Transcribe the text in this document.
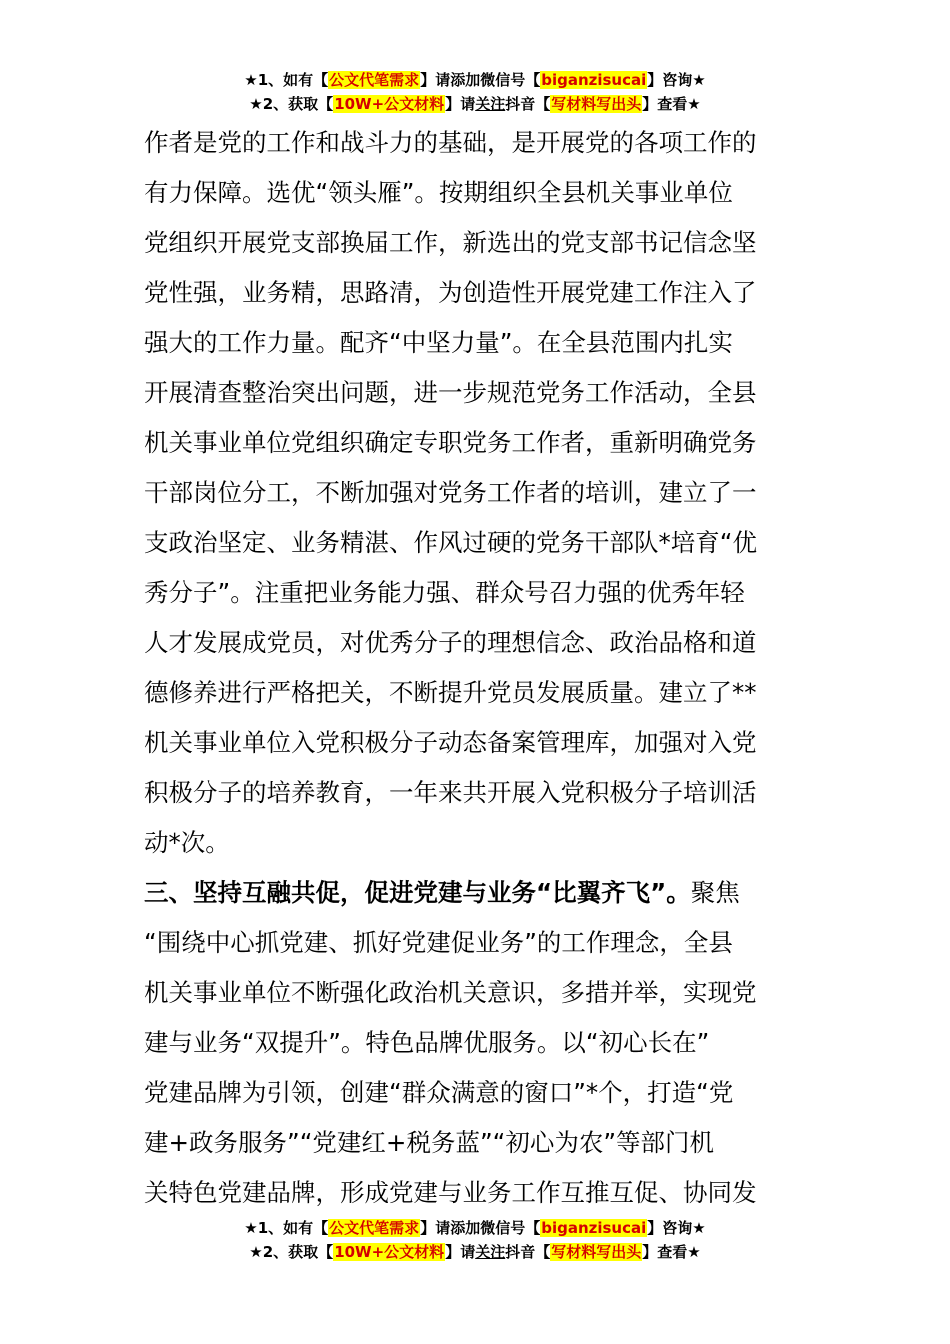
★1、如有【公文代笔需求】请添加微信号【biganzisucai】咨询★
★2、获取【10W+公文材料】请关注抖音【写材料写出头】查看★
作者是党的工作和战斗力的基础，是开展党的各项工作的
有力保障。选优“领头雁”。按期组织全县机关事业单位
党组织开展党支部换届工作，新选出的党支部书记信念坚
党性强，业务精，思路清，为创造性开展党建工作注入了
强大的工作力量。配齐“中坚力量”。在全县范围内扎实
开展清查整治突出问题，进一步规范党务工作活动，全县
机关事业单位党组织确定专职党务工作者，重新明确党务
干部岗位分工，不断加强对党务工作者的培训，建立了一
支政治坚定、业务精湛、作风过硬的党务干部队*培育“优
秀分子”。注重把业务能力强、群众号召力强的优秀年轻
人才发展成党员，对优秀分子的理想信念、政治品格和道
德修养进行严格把关，不断提升党员发展质量。建立了**
机关事业单位入党积极分子动态备案管理库，加强对入党
积极分子的培养教育，一年来共开展入党积极分子培训活
动*次。
三、坚持互融共促，促进党建与业务“比翼齐飞”。聚焦
“围绕中心抓党建、抓好党建促业务”的工作理念，全县
机关事业单位不断强化政治机关意识，多措并举，实现党
建与业务“双提升”。特色品牌优服务。以“初心长在”
党建品牌为引领，创建“群众满意的窗口”*个，打造“党
建+政务服务”“党建红+税务蓝”“初心为农”等部门机
关特色党建品牌，形成党建与业务工作互推互促、协同发
★1、如有【公文代笔需求】请添加微信号【biganzisucai】咨询★
★2、获取【10W+公文材料】请关注抖音【写材料写出头】查看★
